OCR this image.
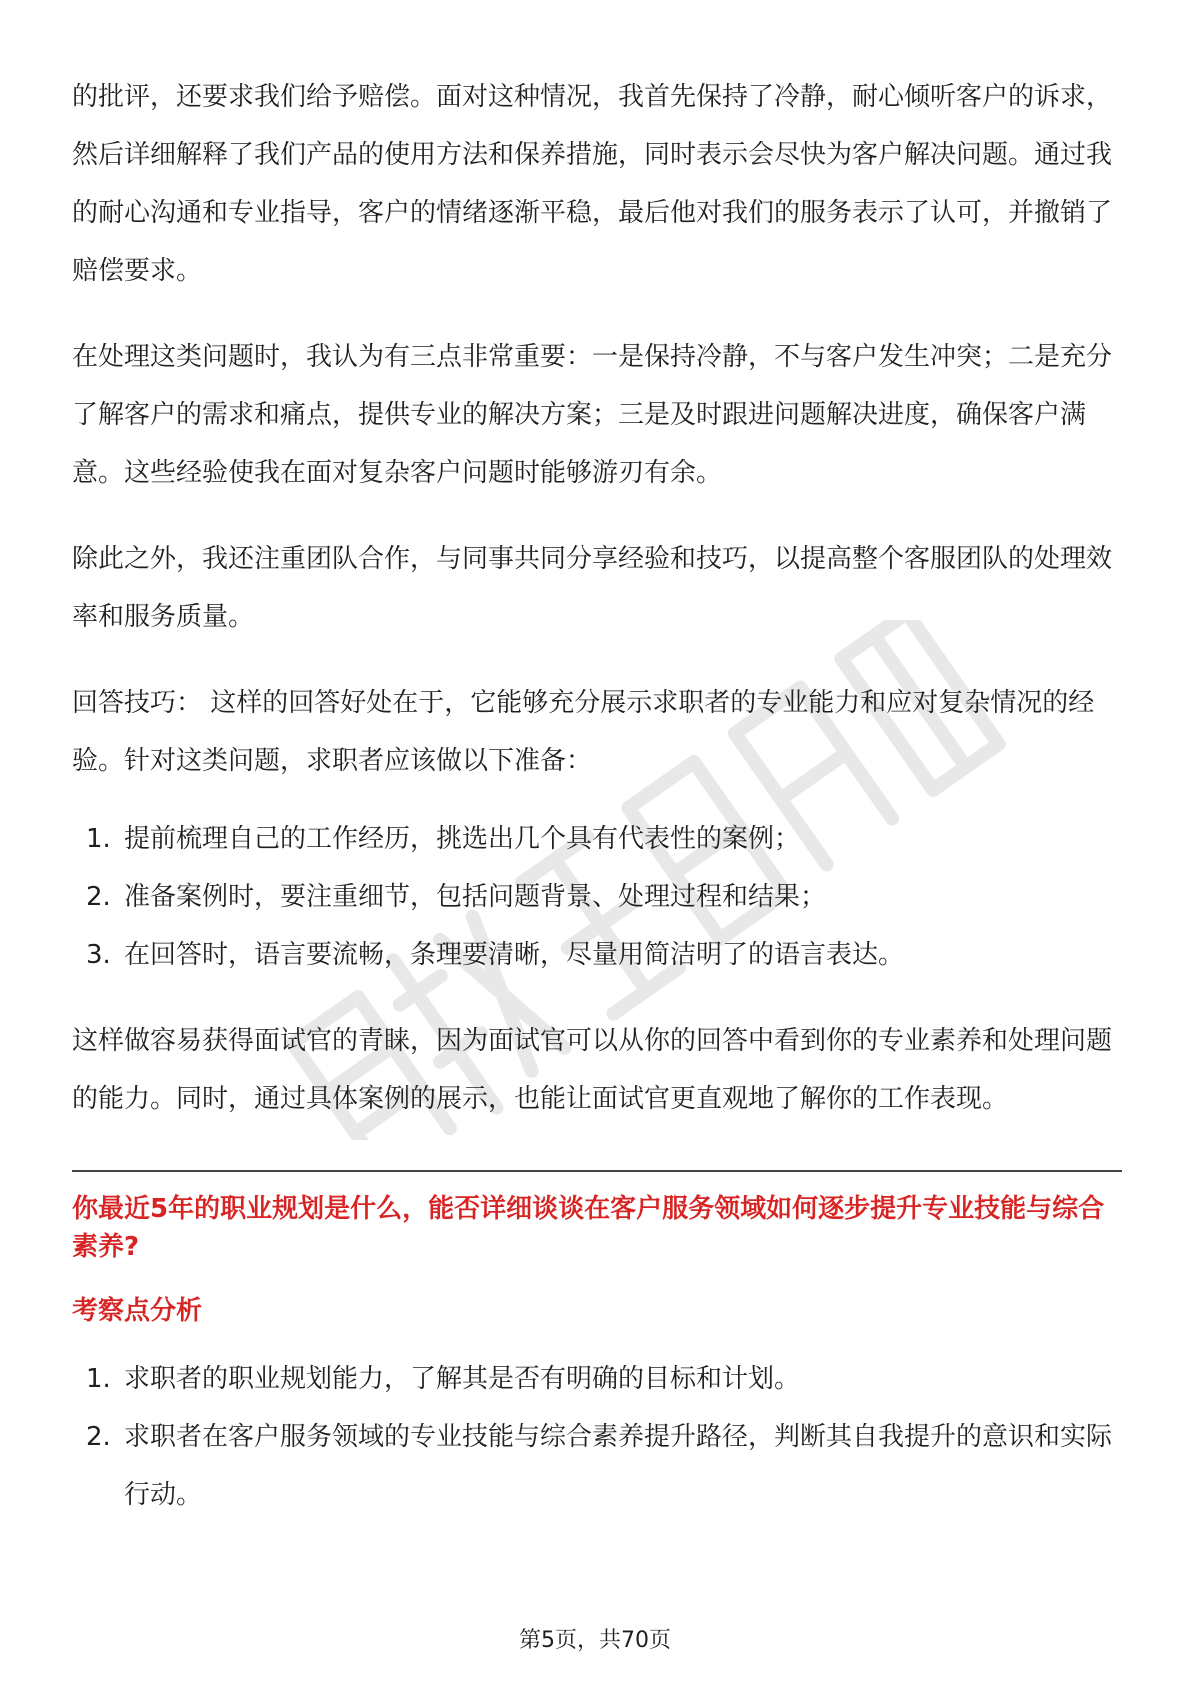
的批评，还要求我们给予赔偿。面对这种情况，我首先保持了冷静，耐心倾听客户的诉求，然后详细解释了我们产品的使用方法和保养措施，同时表示会尽快为客户解决问题。通过我的耐心沟通和专业指导，客户的情绪逐渐平稳，最后他对我们的服务表示了认可，并撤销了赔偿要求。

在处理这类问题时，我认为有三点非常重要：一是保持冷静，不与客户发生冲突；二是充分了解客户的需求和痛点，提供专业的解决方案；三是及时跟进问题解决进度，确保客户满意。这些经验使我在面对复杂客户问题时能够游刃有余。

除此之外，我还注重团队合作，与同事共同分享经验和技巧，以提高整个客服团队的处理效率和服务质量。

回答技巧： 这样的回答好处在于，它能够充分展示求职者的专业能力和应对复杂情况的经验。针对这类问题，求职者应该做以下准备：

1. 提前梳理自己的工作经历，挑选出几个具有代表性的案例；
2. 准备案例时，要注重细节，包括问题背景、处理过程和结果；
3. 在回答时，语言要流畅，条理要清晰，尽量用简洁明了的语言表达。

这样做容易获得面试官的青睐，因为面试官可以从你的回答中看到你的专业素养和处理问题的能力。同时，通过具体案例的展示，也能让面试官更直观地了解你的工作表现。

你最近5年的职业规划是什么，能否详细谈谈在客户服务领域如何逐步提升专业技能与综合素养?

考察点分析

1. 求职者的职业规划能力，了解其是否有明确的目标和计划。
2. 求职者在客户服务领域的专业技能与综合素养提升路径，判断其自我提升的意识和实际行动。
第5页，共70页
